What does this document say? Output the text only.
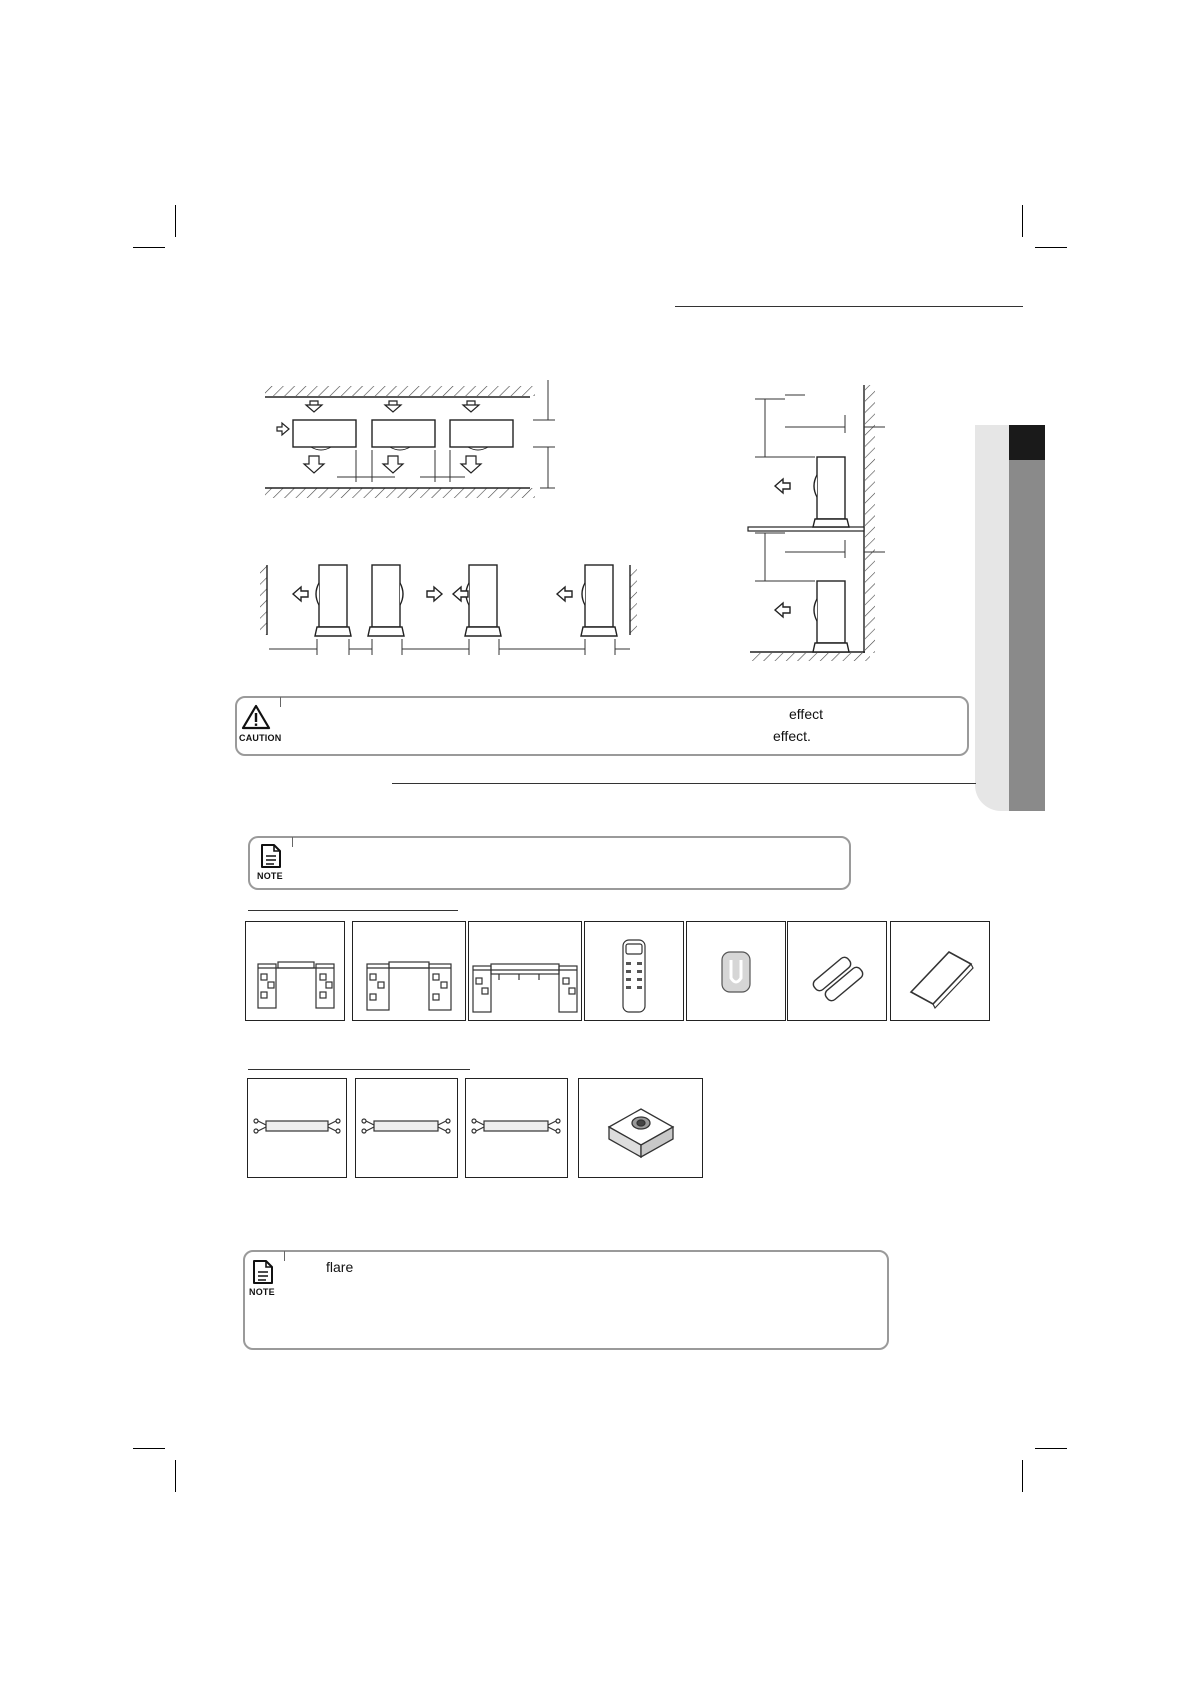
CAUTION
effect
effect.
NOTE
NOTE
flare
